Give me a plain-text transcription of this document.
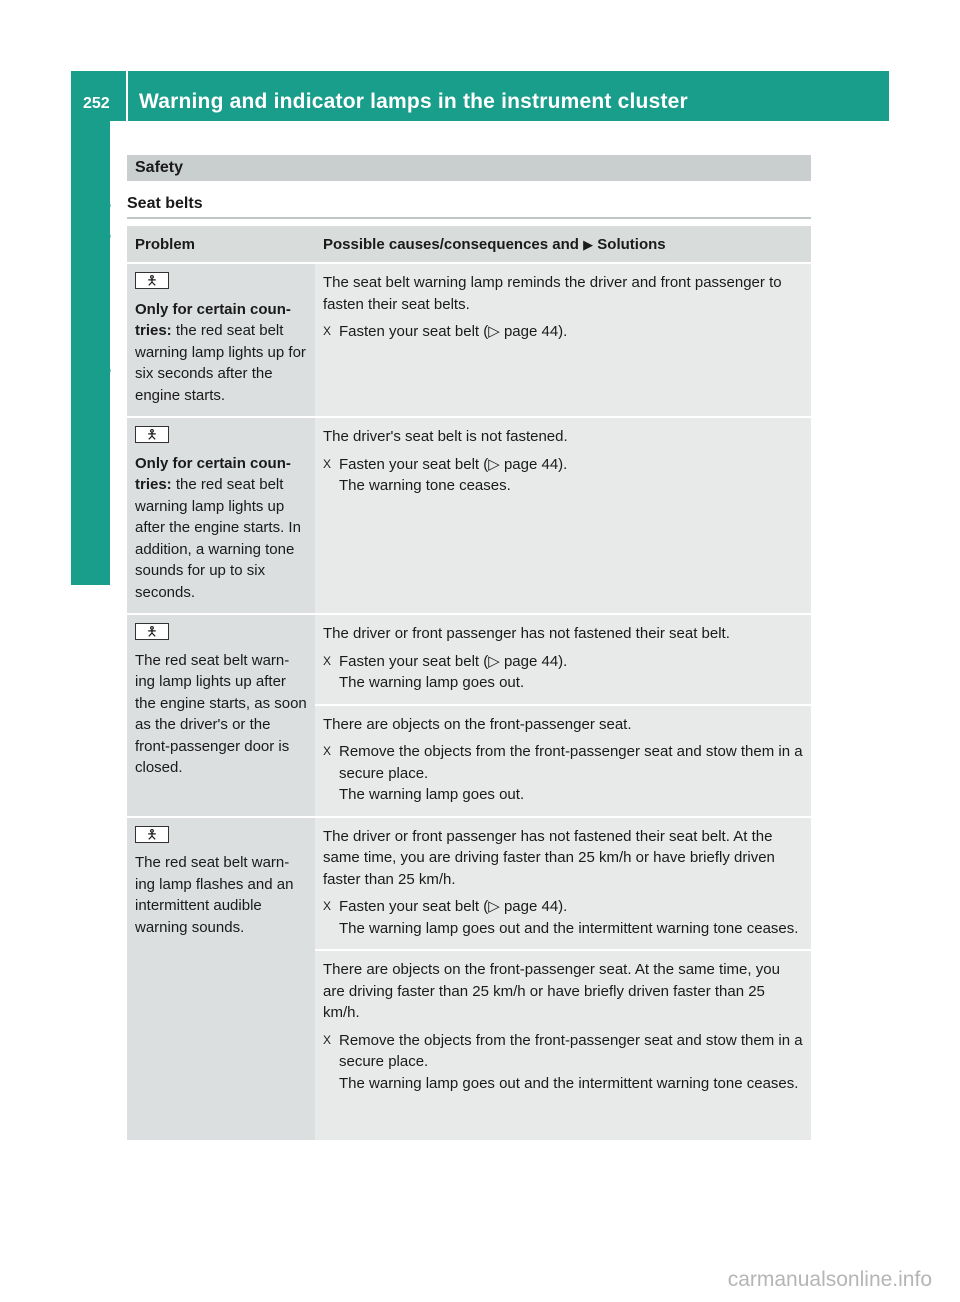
252 Warning and indicator lamps in the instrument cluster
On-board computer and displays
Safety
Seat belts
Problem	Possible causes/consequences and ▶ Solutions
🯅
Only for certain coun-tries: the red seat belt warning lamp lights up for six seconds after the engine starts.
The seat belt warning lamp reminds the driver and front passenger to fasten their seat belts.
X Fasten your seat belt (▷ page 44).
🯅
Only for certain coun-tries: the red seat belt warning lamp lights up after the engine starts. In addition, a warning tone sounds for up to six seconds.
The driver's seat belt is not fastened.
X Fasten your seat belt (▷ page 44).
The warning tone ceases.
🯅
The red seat belt warn-ing lamp lights up after the engine starts, as soon as the driver's or the front-passenger door is closed.
The driver or front passenger has not fastened their seat belt.
X Fasten your seat belt (▷ page 44).
The warning lamp goes out.
There are objects on the front-passenger seat.
X Remove the objects from the front-passenger seat and stow them in a secure place.
The warning lamp goes out.
🯅
The red seat belt warn-ing lamp flashes and an intermittent audible warning sounds.
The driver or front passenger has not fastened their seat belt. At the same time, you are driving faster than 25 km/h or have briefly driven faster than 25 km/h.
X Fasten your seat belt (▷ page 44).
The warning lamp goes out and the intermittent warning tone ceases.
There are objects on the front-passenger seat. At the same time, you are driving faster than 25 km/h or have briefly driven faster than 25 km/h.
X Remove the objects from the front-passenger seat and stow them in a secure place.
The warning lamp goes out and the intermittent warning tone ceases.
carmanualsonline.info
